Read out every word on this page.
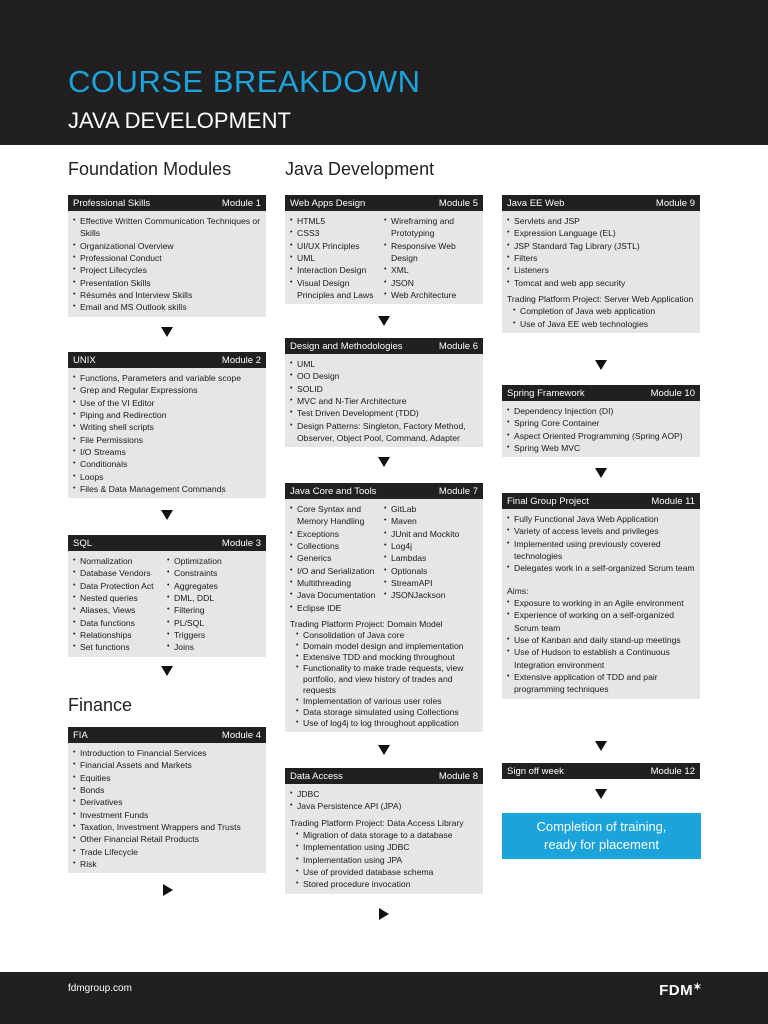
COURSE BREAKDOWN
JAVA DEVELOPMENT
Foundation Modules	Java Development
Finance
Professional Skills	Module 1
• Effective Written Communication Techniques or Skills
• Organizational Overview
• Professional Conduct
• Project Lifecycles
• Presentation Skills
• Résumés and Interview Skills
• Email and MS Outlook skills
UNIX	Module 2
• Functions, Parameters and variable scope
• Grep and Regular Expressions
• Use of the VI Editor
• Piping and Redirection
• Writing shell scripts
• File Permissions
• I/O Streams
• Conditionals
• Loops
• Files & Data Management Commands
SQL	Module 3
• Normalization
• Database Vendors
• Data Protection Act
• Nested queries
• Aliases, Views
• Data functions
• Relationships
• Set functions
• Optimization
• Constraints
• Aggregates
• DML, DDL
• Filtering
• PL/SQL
• Triggers
• Joins
FIA	Module 4
• Introduction to Financial Services
• Financial Assets and Markets
• Equities
• Bonds
• Derivatives
• Investment Funds
• Taxation, Investment Wrappers and Trusts
• Other Financial Retail Products
• Trade Lifecycle
• Risk
Web Apps Design	Module 5
• HTML5
• CSS3
• UI/UX Principles
• UML
• Interaction Design
• Visual Design Principles and Laws
• Wireframing and Prototyping
• Responsive Web Design
• XML
• JSON
• Web Architecture
Design and Methodologies	Module 6
• UML
• OO Design
• SOLID
• MVC and N-Tier Architecture
• Test Driven Development (TDD)
• Design Patterns: Singleton, Factory Method, Observer, Object Pool, Command, Adapter
Java Core and Tools	Module 7
• Core Syntax and Memory Handling
• Exceptions
• Collections
• Generics
• I/O and Serialization
• Multithreading
• Java Documentation
• Eclipse IDE
• GitLab
• Maven
• JUnit and Mockito
• Log4j
• Lambdas
• Optionals
• StreamAPI
• JSONJackson
Trading Platform Project: Domain Model
• Consolidation of Java core
• Domain model design and implementation
• Extensive TDD and mocking throughout
• Functionality to make trade requests, view portfolio, and view history of trades and requests
• Implementation of various user roles
• Data storage simulated using Collections
• Use of log4j to log throughout application
Data Access	Module 8
• JDBC
• Java Persistence API (JPA)
Trading Platform Project: Data Access Library
• Migration of data storage to a database
• Implementation using JDBC
• Implementation using JPA
• Use of provided database schema
• Stored procedure invocation
Java EE Web	Module 9
• Servlets and JSP
• Expression Language (EL)
• JSP Standard Tag Library (JSTL)
• Filters
• Listeners
• Tomcat and web app security
Trading Platform Project: Server Web Application
• Completion of Java web application
• Use of Java EE web technologies
Spring Framework	Module 10
• Dependency Injection (DI)
• Spring Core Container
• Aspect Oriented Programming (Spring AOP)
• Spring Web MVC
Final Group Project	Module 11
• Fully Functional Java Web Application
• Variety of access levels and privileges
• Implemented using previously covered technologies
• Delegates work in a self-organized Scrum team
Aims:
• Exposure to working in an Agile environment
• Experience of working on a self-organized Scrum team
• Use of Kanban and daily stand-up meetings
• Use of Hudson to establish a Continuous Integration environment
• Extensive application of TDD and pair programming techniques
Sign off week	Module 12
Completion of training,
ready for placement
fdmgroup.com	FDM✶
